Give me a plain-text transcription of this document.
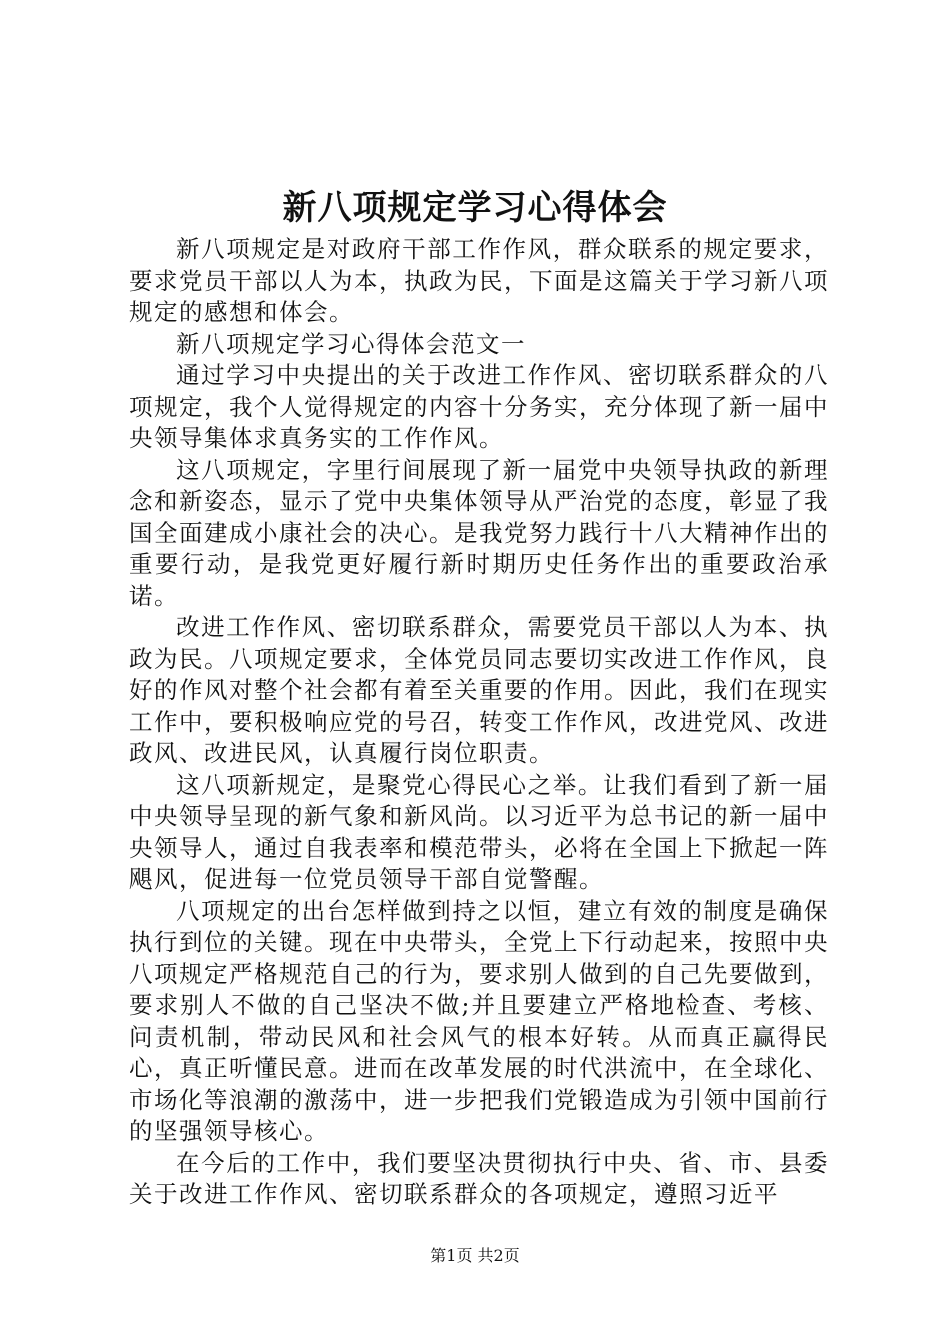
新八项规定学习心得体会

新八项规定是对政府干部工作作风，群众联系的规定要求，要求党员干部以人为本，执政为民，下面是这篇关于学习新八项规定的感想和体会。

新八项规定学习心得体会范文一

通过学习中央提出的关于改进工作作风、密切联系群众的八项规定，我个人觉得规定的内容十分务实，充分体现了新一届中央领导集体求真务实的工作作风。

这八项规定，字里行间展现了新一届党中央领导执政的新理念和新姿态，显示了党中央集体领导从严治党的态度，彰显了我国全面建成小康社会的决心。是我党努力践行十八大精神作出的重要行动，是我党更好履行新时期历史任务作出的重要政治承诺。

改进工作作风、密切联系群众，需要党员干部以人为本、执政为民。八项规定要求，全体党员同志要切实改进工作作风，良好的作风对整个社会都有着至关重要的作用。因此，我们在现实工作中，要积极响应党的号召，转变工作作风，改进党风、改进政风、改进民风，认真履行岗位职责。

这八项新规定，是聚党心得民心之举。让我们看到了新一届中央领导呈现的新气象和新风尚。以习近平为总书记的新一届中央领导人，通过自我表率和模范带头，必将在全国上下掀起一阵飓风，促进每一位党员领导干部自觉警醒。

八项规定的出台怎样做到持之以恒，建立有效的制度是确保执行到位的关键。现在中央带头，全党上下行动起来，按照中央八项规定严格规范自己的行为，要求别人做到的自己先要做到，要求别人不做的自己坚决不做;并且要建立严格地检查、考核、问责机制，带动民风和社会风气的根本好转。从而真正赢得民心，真正听懂民意。进而在改革发展的时代洪流中，在全球化、市场化等浪潮的激荡中，进一步把我们党锻造成为引领中国前行的坚强领导核心。

在今后的工作中，我们要坚决贯彻执行中央、省、市、县委关于改进工作作风、密切联系群众的各项规定，遵照习近平

第1页 共2页
